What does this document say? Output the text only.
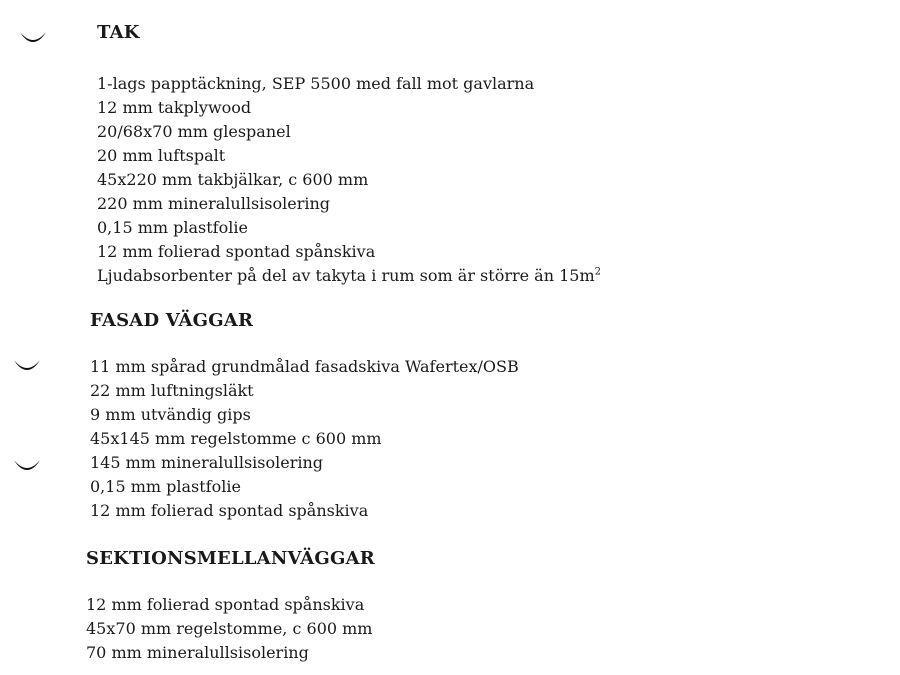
TAK
1-lags papptäckning, SEP 5500 med fall mot gavlarna
12 mm takplywood
20/68x70 mm glespanel
20 mm luftspalt
45x220 mm takbjälkar, c 600 mm
220 mm mineralullsisolering
0,15 mm plastfolie
12 mm folierad spontad spånskiva
Ljudabsorbenter på del av takyta i rum som är större än $15m^2$
FASAD VÄGGAR
11 mm spårad grundmålad fasadskiva Wafertex/OSB
22 mm luftningsläkt
9 mm utvändig gips
45x145 mm regelstomme c 600 mm
145 mm mineralullsisolering
0,15 mm plastfolie
12 mm folierad spontad spånskiva
SEKTIONSMELLANVÄGGAR
12 mm folierad spontad spånskiva
45x70 mm regelstomme, c 600 mm
70 mm mineralullsisolering
